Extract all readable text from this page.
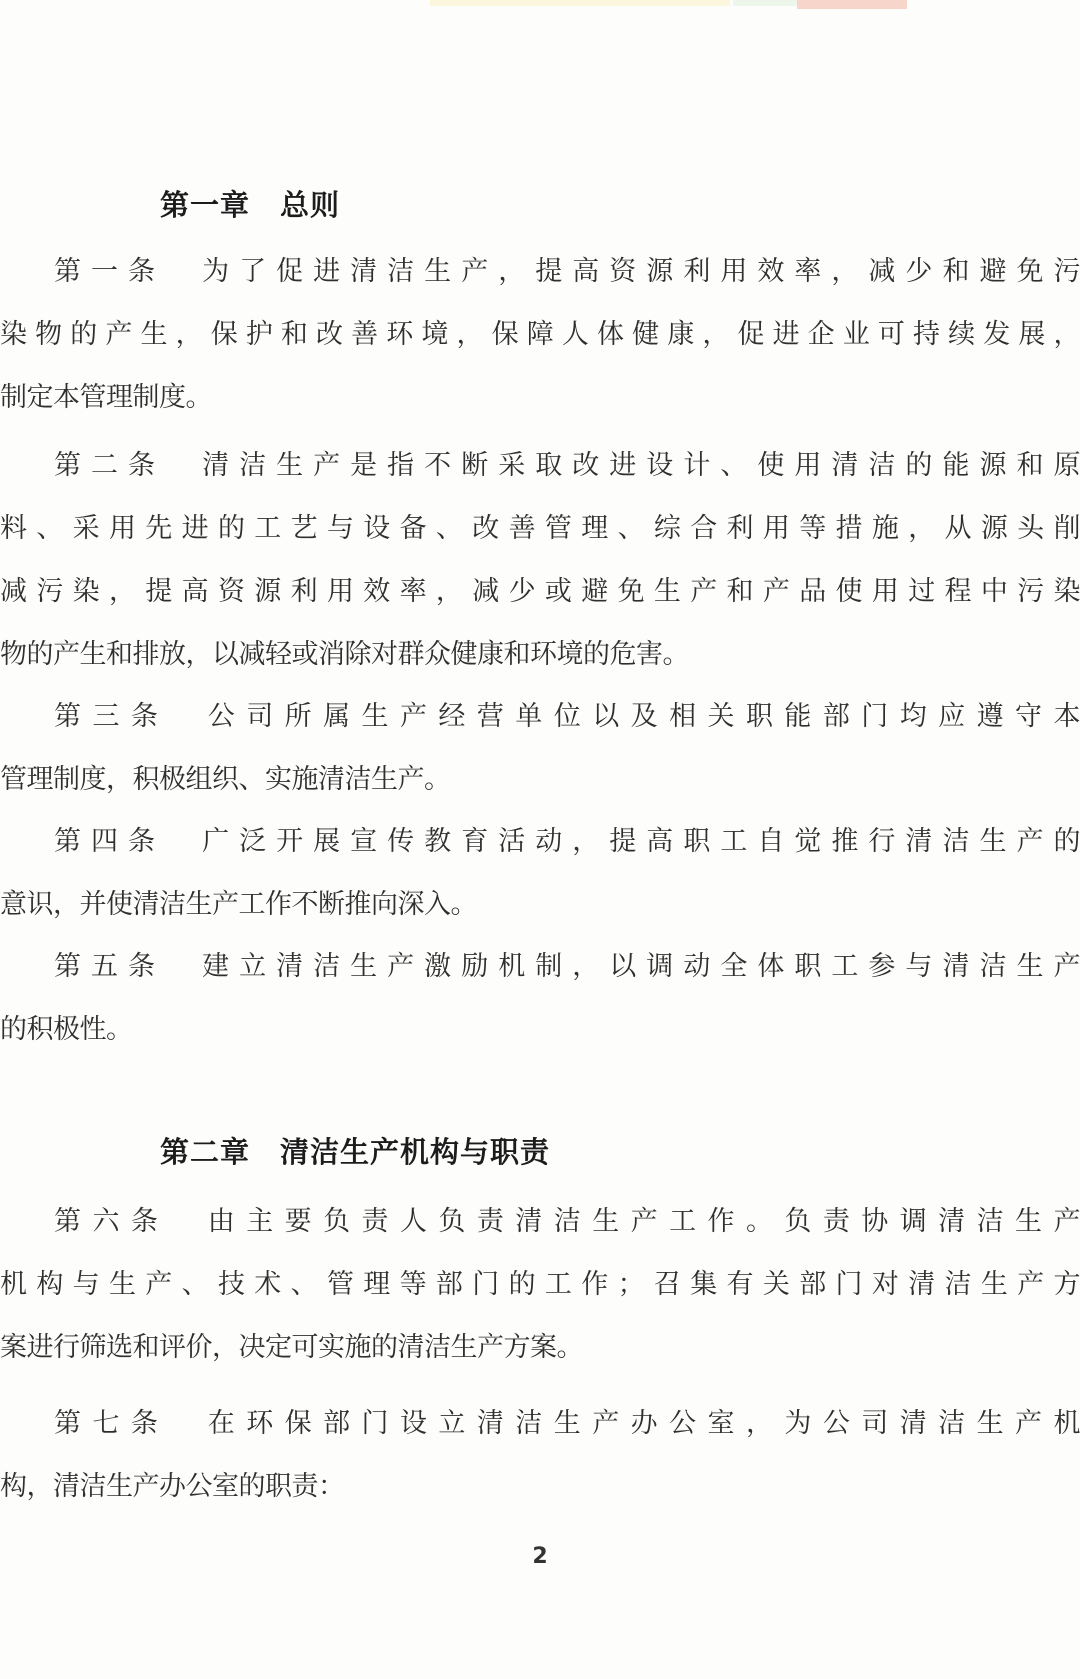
第一章　总则
第一条　为了促进清洁生产，提高资源利用效率，减少和避免污
染物的产生，保护和改善环境，保障人体健康，促进企业可持续发展，
制定本管理制度。
第二条　清洁生产是指不断采取改进设计、使用清洁的能源和原
料、采用先进的工艺与设备、改善管理、综合利用等措施，从源头削
减污染，提高资源利用效率，减少或避免生产和产品使用过程中污染
物的产生和排放，以减轻或消除对群众健康和环境的危害。
第三条　公司所属生产经营单位以及相关职能部门均应遵守本
管理制度，积极组织、实施清洁生产。
第四条　广泛开展宣传教育活动，提高职工自觉推行清洁生产的
意识，并使清洁生产工作不断推向深入。
第五条　建立清洁生产激励机制，以调动全体职工参与清洁生产
的积极性。
第二章　清洁生产机构与职责
第六条　由主要负责人负责清洁生产工作。负责协调清洁生产
机构与生产、技术、管理等部门的工作；召集有关部门对清洁生产方
案进行筛选和评价，决定可实施的清洁生产方案。
第七条　在环保部门设立清洁生产办公室，为公司清洁生产机
构，清洁生产办公室的职责：
2
